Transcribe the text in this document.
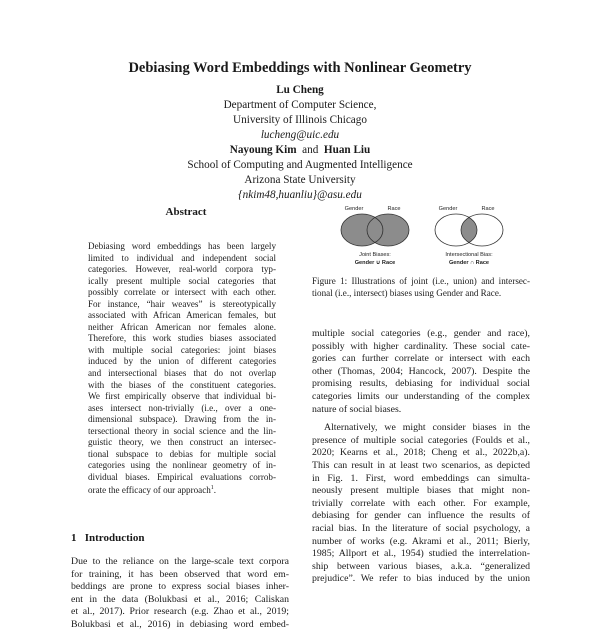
Debiasing Word Embeddings with Nonlinear Geometry
Lu Cheng
Department of Computer Science,
University of Illinois Chicago
lucheng@uic.edu
Nayoung Kim and Huan Liu
School of Computing and Augmented Intelligence
Arizona State University
{nkim48,huanliu}@asu.edu
Abstract
Debiasing word embeddings has been largely
limited to individual and independent social
categories. However, real-world corpora typ-
ically present multiple social categories that
possibly correlate or intersect with each other.
For instance, “hair weaves” is stereotypically
associated with African American females, but
neither African American nor females alone.
Therefore, this work studies biases associated
with multiple social categories: joint biases
induced by the union of different categories
and intersectional biases that do not overlap
with the biases of the constituent categories.
We first empirically observe that individual bi-
ases intersect non-trivially (i.e., over a one-
dimensional subspace). Drawing from the in-
tersectional theory in social science and the lin-
guistic theory, we then construct an intersec-
tional subspace to debias for multiple social
categories using the nonlinear geometry of in-
dividual biases. Empirical evaluations corrob-
orate the efficacy of our approach$^1$.
1 Introduction
Due to the reliance on the large-scale text corpora
for training, it has been observed that word em-
beddings are prone to express social biases inher-
ent in the data (Bolukbasi et al., 2016; Caliskan
et al., 2017). Prior research (e.g. Zhao et al., 2019;
Bolukbasi et al., 2016) in debiasing word embed-
Gender	Race
Joint Biases:
Gender ∪ Race
Gender	Race
Intersectional Bias:
Gender ∩ Race
Figure 1: Illustrations of joint (i.e., union) and intersec-
tional (i.e., intersect) biases using Gender and Race.
multiple social categories (e.g., gender and race),
possibly with higher cardinality. These social cate-
gories can further correlate or intersect with each
other (Thomas, 2004; Hancock, 2007). Despite the
promising results, debiasing for individual social
categories limits our understanding of the complex
nature of social biases.
Alternatively, we might consider biases in the
presence of multiple social categories (Foulds et al.,
2020; Kearns et al., 2018; Cheng et al., 2022b,a).
This can result in at least two scenarios, as depicted
in Fig. 1. First, word embeddings can simulta-
neously present multiple biases that might non-
trivially correlate with each other. For example,
debiasing for gender can influence the results of
racial bias. In the literature of social psychology, a
number of works (e.g. Akrami et al., 2011; Bierly,
1985; Allport et al., 1954) studied the interrelation-
ship between various biases, a.k.a. “generalized
prejudice”. We refer to bias induced by the union
